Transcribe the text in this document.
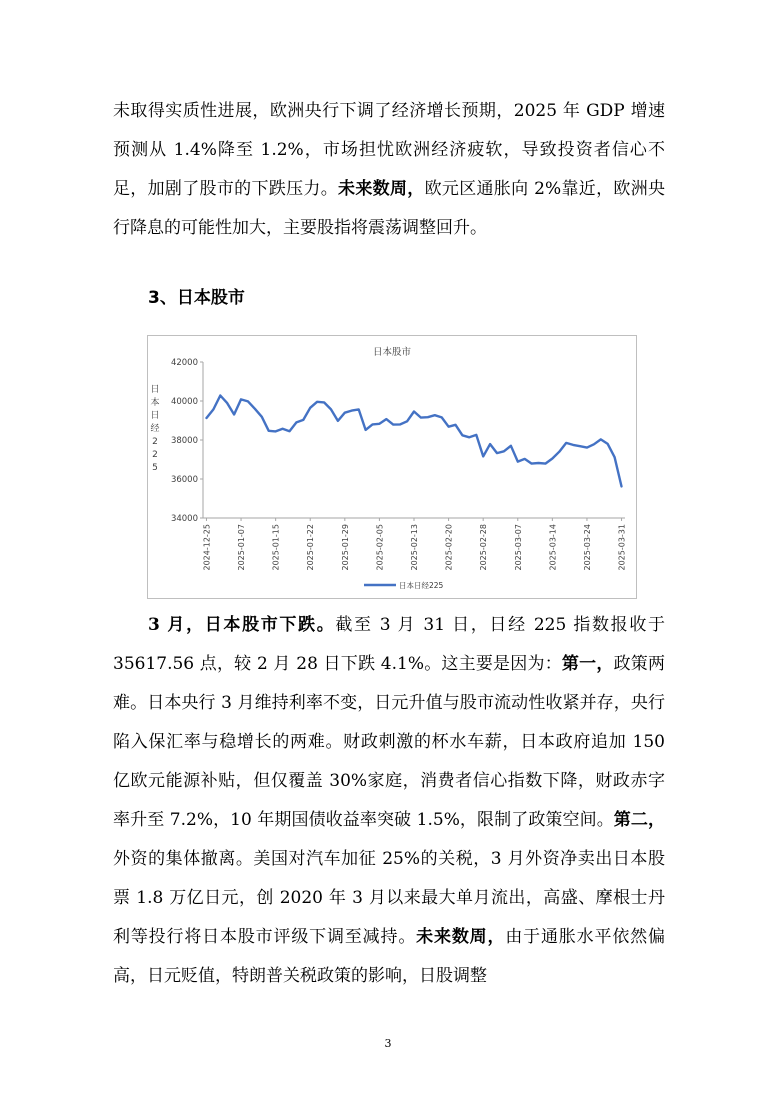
未取得实质性进展，欧洲央行下调了经济增长预期，2025 年 GDP 增速预测从 1.4%降至 1.2%，市场担忧欧洲经济疲软，导致投资者信心不足，加剧了股市的下跌压力。未来数周，欧元区通胀向 2%靠近，欧洲央行降息的可能性加大，主要股指将震荡调整回升。

3、日本股市
日本股市
日
本
日
经
2
2
5
42000
40000
38000
36000
34000
2024-12-25	2025-01-07	2025-01-15	2025-01-22	2025-01-29	2025-02-05	2025-02-13	2025-02-20	2025-02-28	2025-03-07	2025-03-14	2025-03-24	2025-03-31
日本日经225

3 月，日本股市下跌。截至 3 月 31 日，日经 225 指数报收于 35617.56 点，较 2 月 28 日下跌 4.1%。这主要是因为：第一，政策两难。日本央行 3 月维持利率不变，日元升值与股市流动性收紧并存，央行陷入保汇率与稳增长的两难。财政刺激的杯水车薪，日本政府追加 150 亿欧元能源补贴，但仅覆盖 30%家庭，消费者信心指数下降，财政赤字率升至 7.2%，10 年期国债收益率突破 1.5%，限制了政策空间。第二，外资的集体撤离。美国对汽车加征 25%的关税，3 月外资净卖出日本股票 1.8 万亿日元，创 2020 年 3 月以来最大单月流出，高盛、摩根士丹利等投行将日本股市评级下调至减持。未来数周，由于通胀水平依然偏高，日元贬值，特朗普关税政策的影响，日股调整

3
